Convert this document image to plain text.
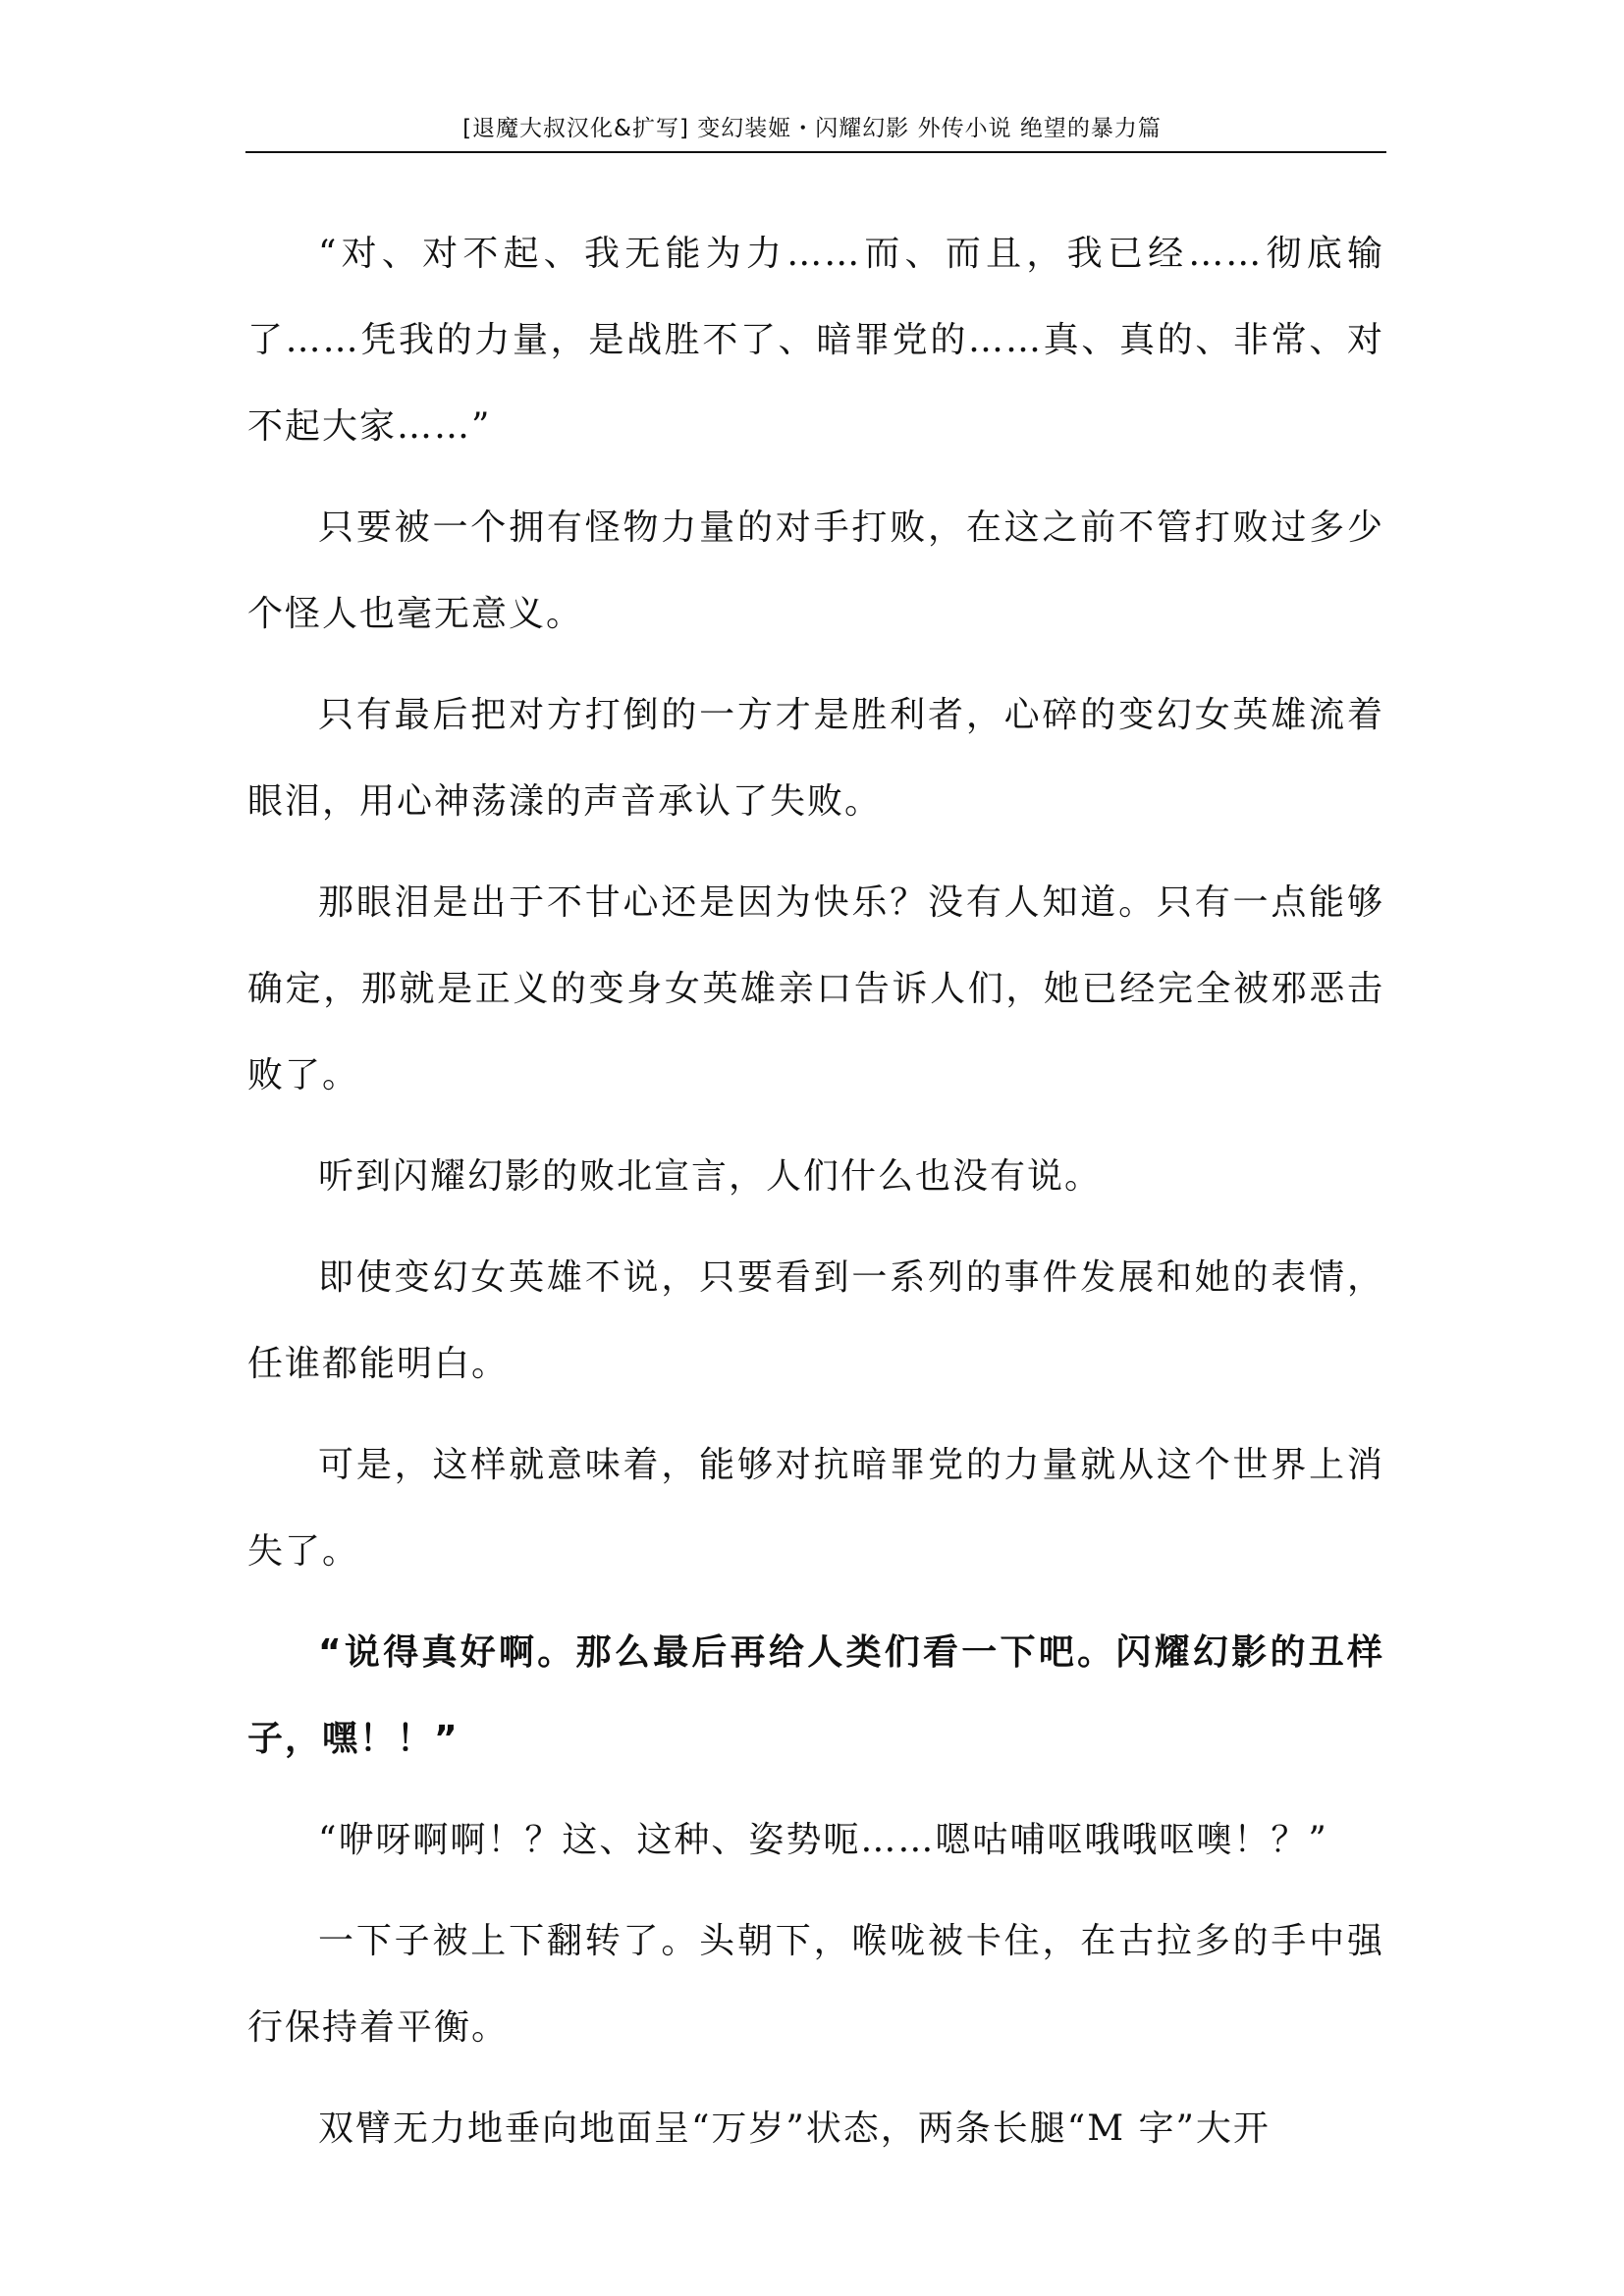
[退魔大叔汉化&扩写] 变幻装姬・闪耀幻影 外传小说 绝望的暴力篇

“对、对不起、我无能为力……而、而且，我已经……彻底输了……凭我的力量，是战胜不了、暗罪党的……真、真的、非常、对不起大家……”

只要被一个拥有怪物力量的对手打败，在这之前不管打败过多少个怪人也毫无意义。

只有最后把对方打倒的一方才是胜利者，心碎的变幻女英雄流着眼泪，用心神荡漾的声音承认了失败。

那眼泪是出于不甘心还是因为快乐？没有人知道。只有一点能够确定，那就是正义的变身女英雄亲口告诉人们，她已经完全被邪恶击败了。

听到闪耀幻影的败北宣言，人们什么也没有说。

即使变幻女英雄不说，只要看到一系列的事件发展和她的表情，任谁都能明白。

可是，这样就意味着，能够对抗暗罪党的力量就从这个世界上消失了。

“说得真好啊。那么最后再给人类们看一下吧。闪耀幻影的丑样子，嘿！！”

“咿呀啊啊！？这、这种、姿势呃……嗯咕哺呕哦哦呕噢！？”

一下子被上下翻转了。头朝下，喉咙被卡住，在古拉多的手中强行保持着平衡。

双臂无力地垂向地面呈“万岁”状态，两条长腿“M 字”大开
